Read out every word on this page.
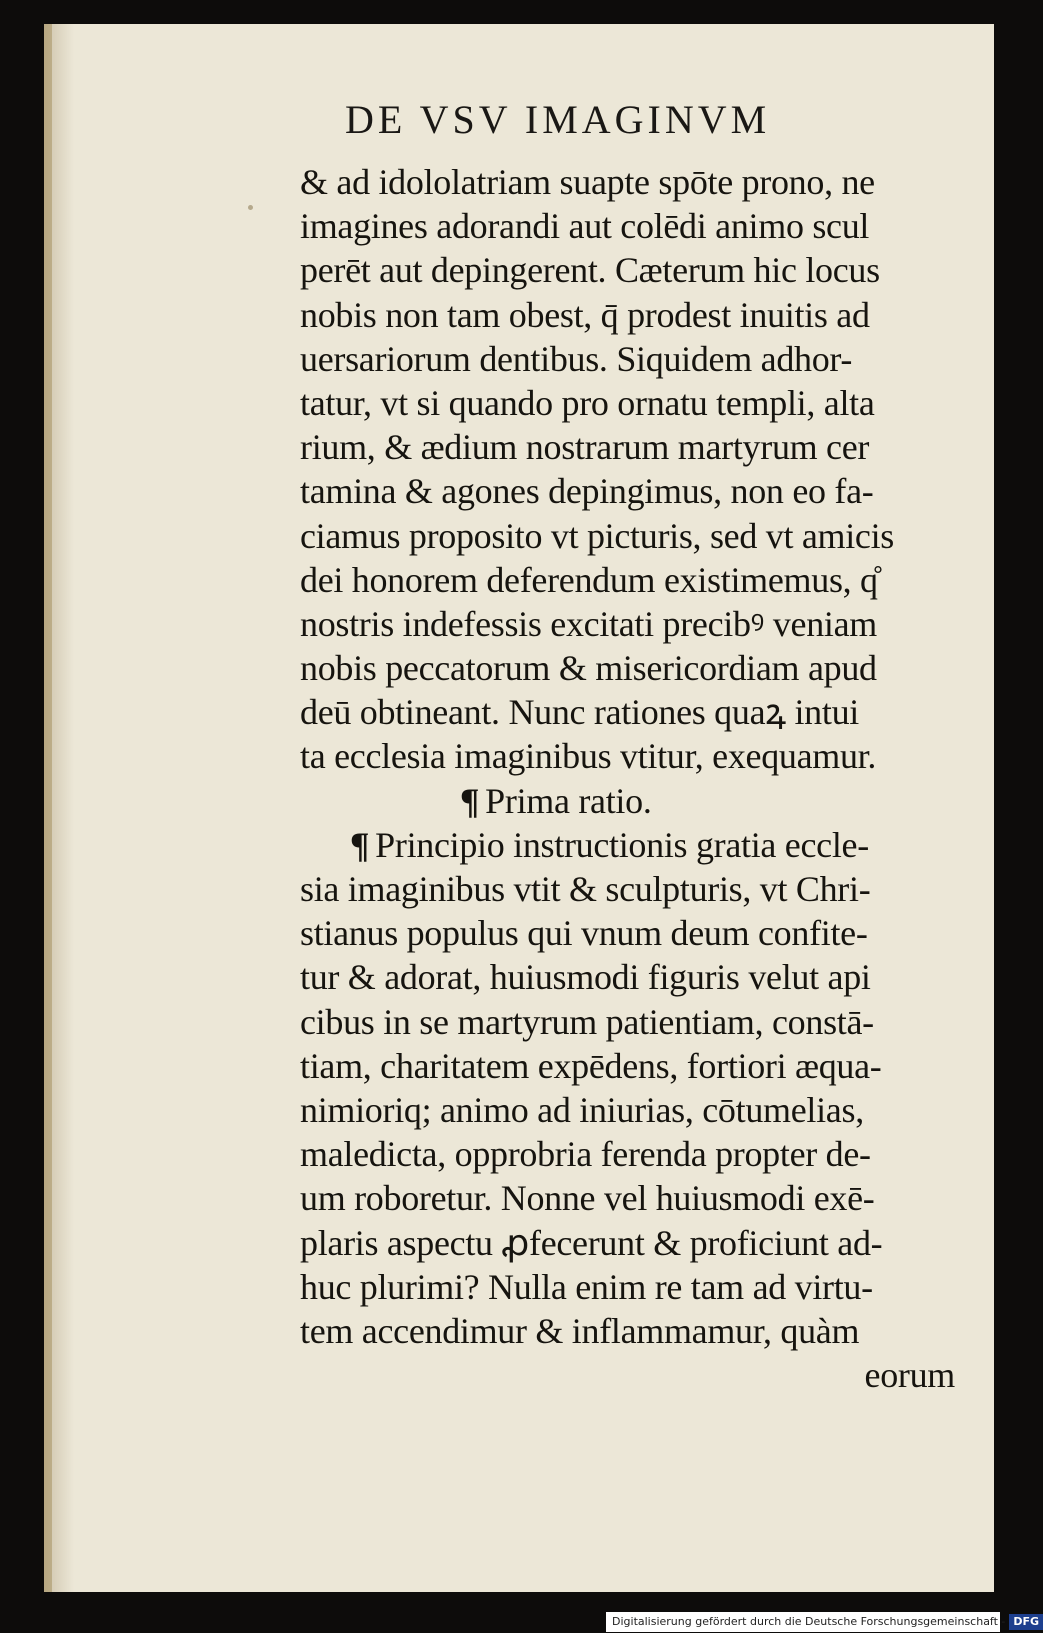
DE VSV IMAGINVM
& ad idololatriam suapte spōte prono, ne
imagines adorandi aut colēdi animo scul
perēt aut depingerent. Cæterum hic locus
nobis non tam obest, q̄ prodest inuitis ad
uersariorum dentibus. Siquidem adhor-
tatur, vt si quando pro ornatu templi, alta
rium, & ædium nostrarum martyrum cer
tamina & agones depingimus, non eo fa-
ciamus proposito vt picturis, sed vt amicis
dei honorem deferendum existimemus, q̊
nostris indefessis excitati precibꝰ veniam
nobis peccatorum & misericordiam apud
deū obtineant. Nunc rationes quaꝝ intui
ta ecclesia imaginibus vtitur, exequamur.
¶ Prima ratio.
¶ Principio instructionis gratia eccle-
sia imaginibus vtit & sculpturis, vt Chri-
stianus populus qui vnum deum confite-
tur & adorat, huiusmodi figuris velut api
cibus in se martyrum patientiam, constā-
tiam, charitatem expēdens, fortiori æqua-
nimioriq; animo ad iniurias, cōtumelias,
maledicta, opprobria ferenda propter de-
um roboretur. Nonne vel huiusmodi exē-
plaris aspectu ꝓfecerunt & proficiunt ad-
huc plurimi? Nulla enim re tam ad virtu-
tem accendimur & inflammamur, quàm
eorum
Digitalisierung gefördert durch die Deutsche Forschungsgemeinschaft - DFG
